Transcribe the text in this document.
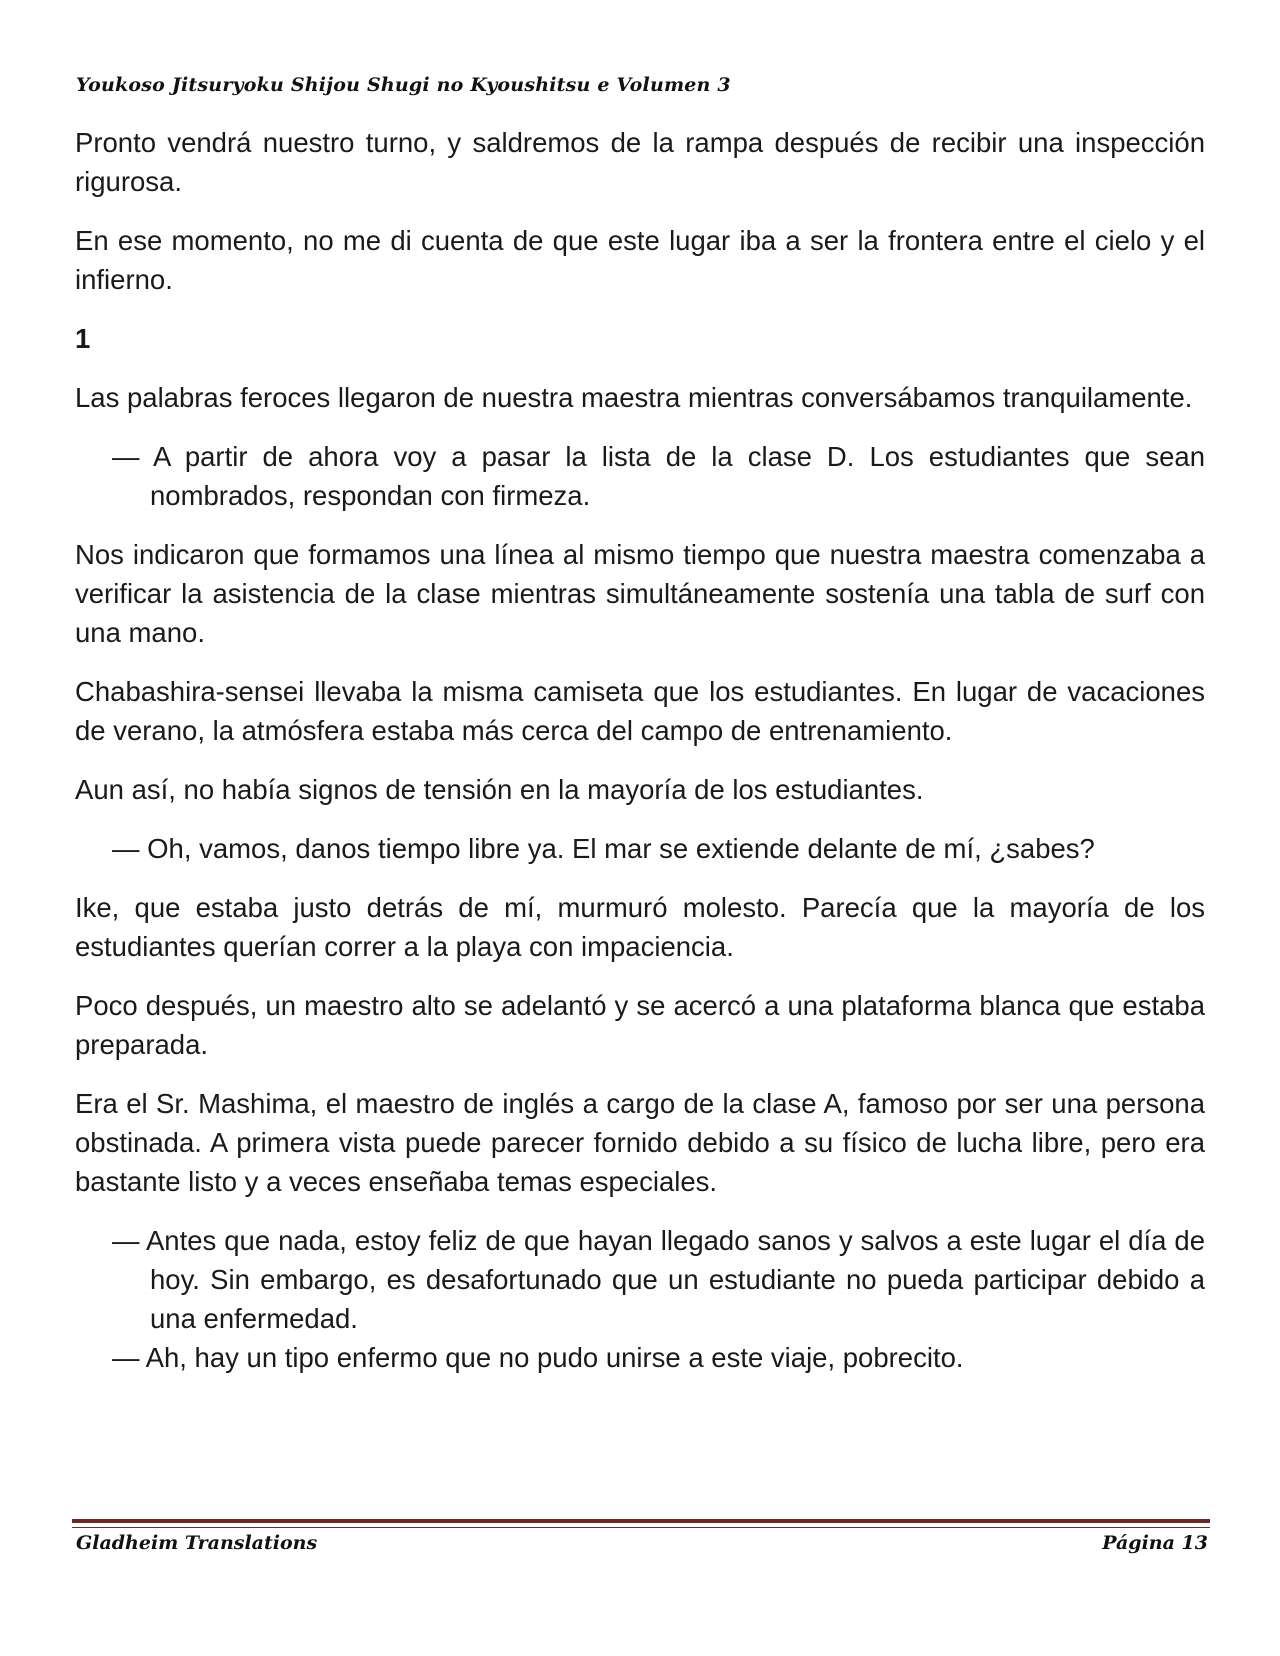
Youkoso Jitsuryoku Shijou Shugi no Kyoushitsu e Volumen 3

Pronto vendrá nuestro turno, y saldremos de la rampa después de recibir una inspección rigurosa.

En ese momento, no me di cuenta de que este lugar iba a ser la frontera entre el cielo y el infierno.

1

Las palabras feroces llegaron de nuestra maestra mientras conversábamos tranquilamente.

— A partir de ahora voy a pasar la lista de la clase D. Los estudiantes que sean nombrados, respondan con firmeza.

Nos indicaron que formamos una línea al mismo tiempo que nuestra maestra comenzaba a verificar la asistencia de la clase mientras simultáneamente sostenía una tabla de surf con una mano.

Chabashira-sensei llevaba la misma camiseta que los estudiantes. En lugar de vacaciones de verano, la atmósfera estaba más cerca del campo de entrenamiento.

Aun así, no había signos de tensión en la mayoría de los estudiantes.

— Oh, vamos, danos tiempo libre ya. El mar se extiende delante de mí, ¿sabes?

Ike, que estaba justo detrás de mí, murmuró molesto. Parecía que la mayoría de los estudiantes querían correr a la playa con impaciencia.

Poco después, un maestro alto se adelantó y se acercó a una plataforma blanca que estaba preparada.

Era el Sr. Mashima, el maestro de inglés a cargo de la clase A, famoso por ser una persona obstinada. A primera vista puede parecer fornido debido a su físico de lucha libre, pero era bastante listo y a veces enseñaba temas especiales.

— Antes que nada, estoy feliz de que hayan llegado sanos y salvos a este lugar el día de hoy. Sin embargo, es desafortunado que un estudiante no pueda participar debido a una enfermedad.

— Ah, hay un tipo enfermo que no pudo unirse a este viaje, pobrecito.

Gladheim Translations	Página 13
